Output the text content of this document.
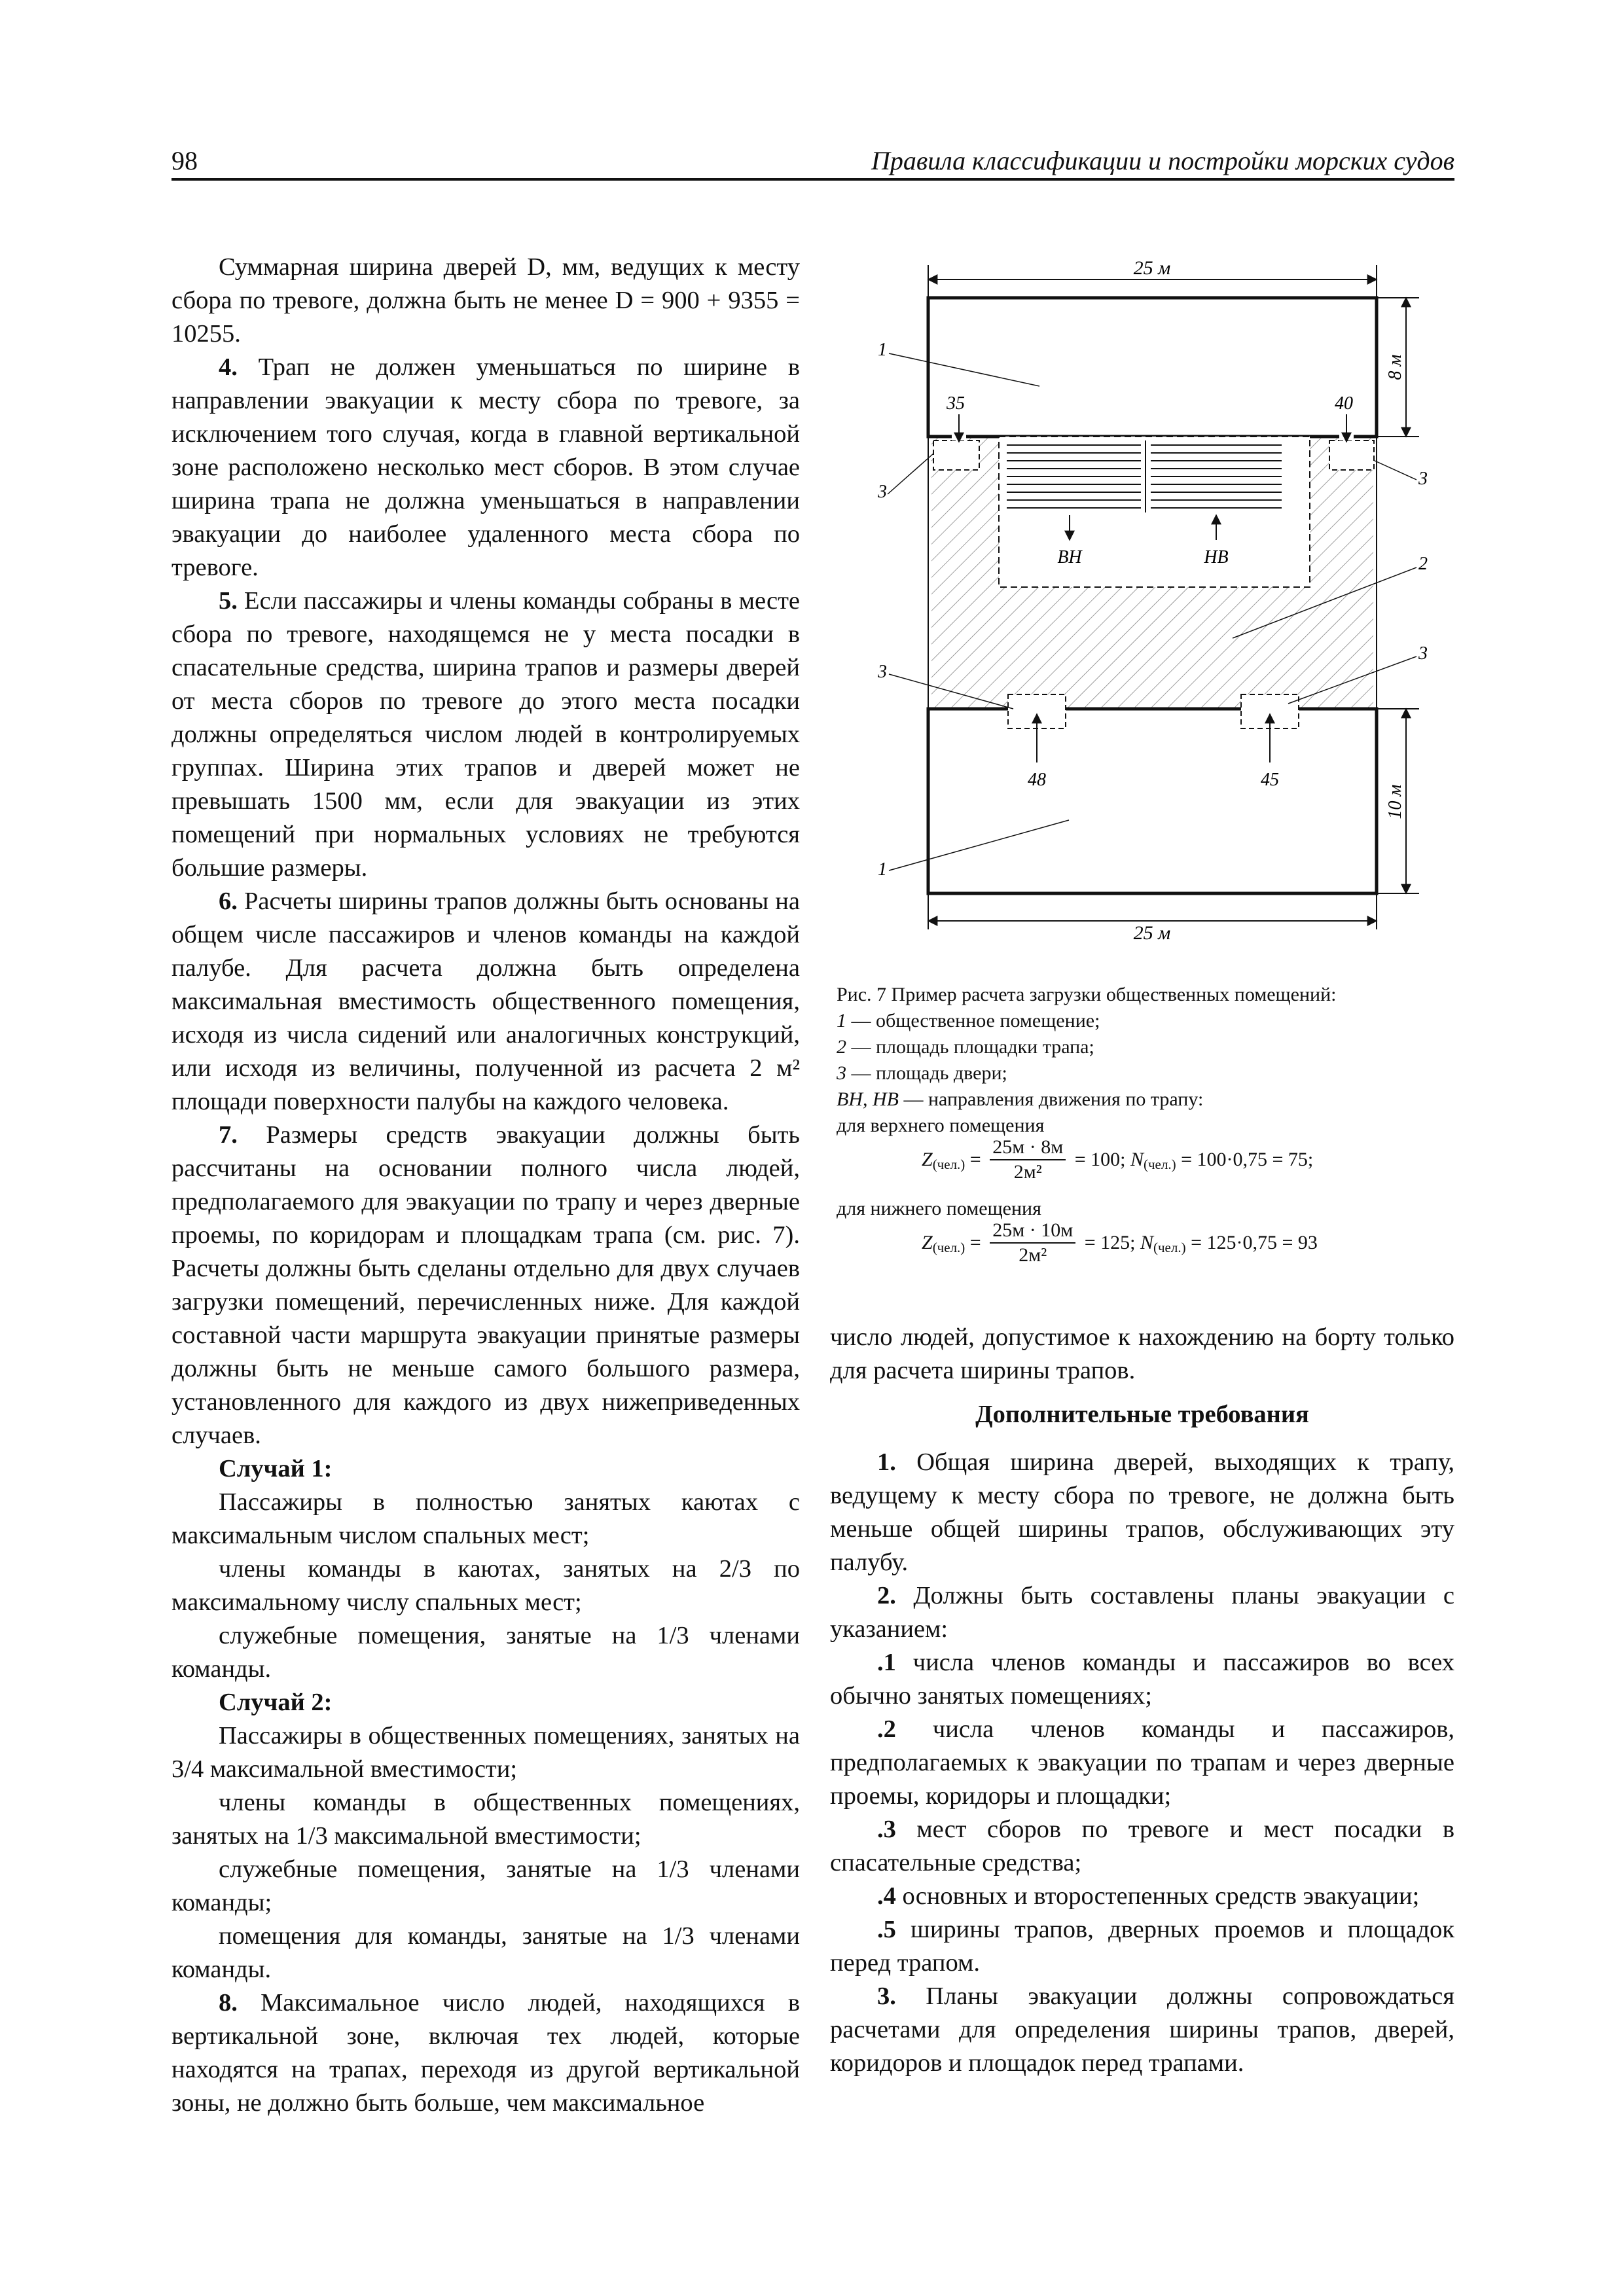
98	Правила классификации и постройки морских судов

Суммарная ширина дверей D, мм, ведущих к месту сбора по тревоге, должна быть не менее D = 900 + 9355 = 10255.

4. Трап не должен уменьшаться по ширине в направлении эвакуации к месту сбора по тревоге, за исключением того случая, когда в главной вертикальной зоне расположено несколько мест сборов. В этом случае ширина трапа не должна уменьшаться в направлении эвакуации до наиболее удаленного места сбора по тревоге.

5. Если пассажиры и члены команды собраны в месте сбора по тревоге, находящемся не у места посадки в спасательные средства, ширина трапов и размеры дверей от места сборов по тревоге до этого места посадки должны определяться числом людей в контролируемых группах. Ширина этих трапов и дверей может не превышать 1500 мм, если для эвакуации из этих помещений при нормальных условиях не требуются большие размеры.

6. Расчеты ширины трапов должны быть основаны на общем числе пассажиров и членов команды на каждой палубе. Для расчета должна быть определена максимальная вместимость общественного помещения, исходя из числа сидений или аналогичных конструкций, или исходя из величины, полученной из расчета 2 м² площади поверхности палубы на каждого человека.

7. Размеры средств эвакуации должны быть рассчитаны на основании полного числа людей, предполагаемого для эвакуации по трапу и через дверные проемы, по коридорам и площадкам трапа (см. рис. 7). Расчеты должны быть сделаны отдельно для двух случаев загрузки помещений, перечисленных ниже. Для каждой составной части маршрута эвакуации принятые размеры должны быть не меньше самого большого размера, установленного для каждого из двух нижеприведенных случаев.

Случай 1:

Пассажиры в полностью занятых каютах с максимальным числом спальных мест;

члены команды в каютах, занятых на 2/3 по максимальному числу спальных мест;

служебные помещения, занятые на 1/3 членами команды.

Случай 2:

Пассажиры в общественных помещениях, занятых на 3/4 максимальной вместимости;

члены команды в общественных помещениях, занятых на 1/3 максимальной вместимости;

служебные помещения, занятые на 1/3 членами команды;

помещения для команды, занятые на 1/3 членами команды.

8. Максимальное число людей, находящихся в вертикальной зоне, включая тех людей, которые находятся на трапах, переходя из другой вертикальной зоны, не должно быть больше, чем максимальное

25 м
ВН	НВ
35	40
48	45
8 м
10 м
25 м
1
3
3
2
3
3
1
Рис. 7 Пример расчета загрузки общественных помещений:
1 — общественное помещение;
2 — площадь площадки трапа;
3 — площадь двери;
ВН, НВ — направления движения по трапу:
для верхнего помещения
$Z_{(чел.)} = \frac{25м \cdot 8м}{\text{2м²}} = 100$; $N_{(чел.)} = 100\cdot 0,75 = 75$;
для нижнего помещения
$Z_{(чел.)} = \frac{25м \cdot 10м}{\text{2м²}} = 125$; $N_{(чел.)} = 125\cdot 0,75 = 93$

число людей, допустимое к нахождению на борту только для расчета ширины трапов.

Дополнительные требования

1. Общая ширина дверей, выходящих к трапу, ведущему к месту сбора по тревоге, не должна быть меньше общей ширины трапов, обслуживающих эту палубу.

2. Должны быть составлены планы эвакуации с указанием:

.1 числа членов команды и пассажиров во всех обычно занятых помещениях;

.2 числа членов команды и пассажиров, предполагаемых к эвакуации по трапам и через дверные проемы, коридоры и площадки;

.3 мест сборов по тревоге и мест посадки в спасательные средства;

.4 основных и второстепенных средств эвакуации;

.5 ширины трапов, дверных проемов и площадок перед трапом.

3. Планы эвакуации должны сопровождаться расчетами для определения ширины трапов, дверей, коридоров и площадок перед трапами.
